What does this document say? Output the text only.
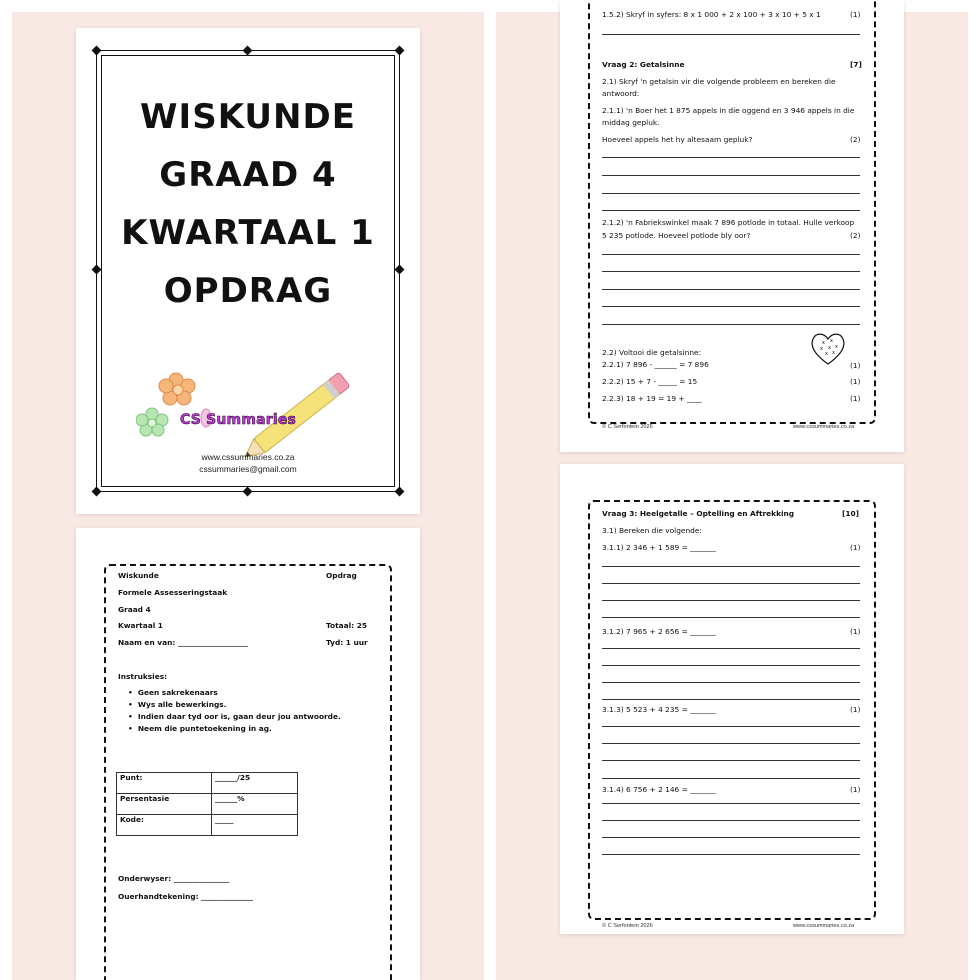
WISKUNDE
GRAAD 4
KWARTAAL 1
OPDRAG
CS Summaries
www.cssummaries.co.za
cssummaries@gmail.com
Wiskunde	Opdrag
Formele Assesseringstaak
Graad 4
Kwartaal 1	Totaal: 25
Naam en van: ___________________	Tyd: 1 uur
Instruksies:
•  Geen sakrekenaars
•  Wys alle bewerkings.
•  Indien daar tyd oor is, gaan deur jou antwoorde.
•  Neem die puntetoekening in ag.
Punt:	______/25
Persentasie	______%
Kode:	_____
Onderwyser: _______________
Ouerhandtekening: ______________
1.5.2) Skryf in syfers: 8 x 1 000 + 2 x 100 + 3 x 10 + 5 x 1	(1)
Vraag 2: Getalsinne	[7]
2.1) Skryf 'n getalsin vir die volgende probleem en bereken die
antwoord:
2.1.1) 'n Boer het 1 875 appels in die oggend en 3 946 appels in die
middag gepluk.
Hoeveel appels het hy altesaam gepluk?	(2)
2.1.2) 'n Fabriekswinkel maak 7 896 potlode in totaal. Hulle verkoop
5 235 potlode. Hoeveel potlode bly oor?	(2)
x x
x x x
x x
2.2) Voltooi die getalsinne:
2.2.1) 7 896 - ______ = 7 896	(1)
2.2.2) 15 + 7 - _____ = 15	(1)
2.2.3) 18 + 19 = 19 + ____	(1)
© C Serfontein 2026	www.cssummaries.co.za
Vraag 3: Heelgetalle – Optelling en Aftrekking	[10]
3.1) Bereken die volgende:
3.1.1) 2 346 + 1 589 = _______	(1)
3.1.2) 7 965 + 2 656 = _______	(1)
3.1.3) 5 523 + 4 235 = _______	(1)
3.1.4) 6 756 + 2 146 = _______	(1)
© C Serfontein 2026	www.cssummaries.co.za
